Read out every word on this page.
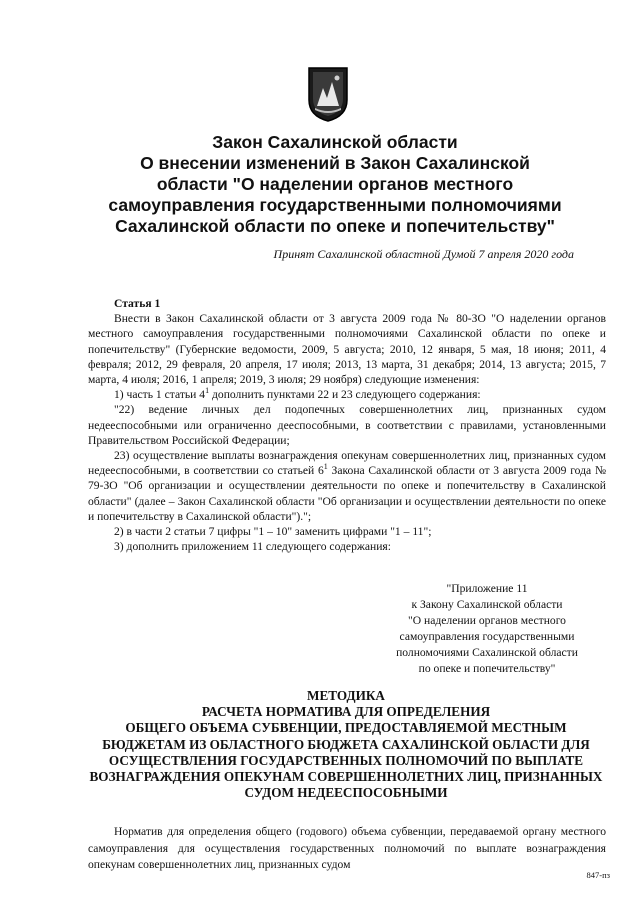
Закон Сахалинской области
О внесении изменений в Закон Сахалинской
области "О наделении органов местного
самоуправления государственными полномочиями
Сахалинской области по опеке и попечительству"
Принят Сахалинской областной Думой 7 апреля 2020 года
Статья 1
Внести в Закон Сахалинской области от 3 августа 2009 года № 80-ЗО "О наделении органов местного самоуправления государственными полномочиями Сахалинской области по опеке и попечительству" (Губернские ведомости, 2009, 5 августа; 2010, 12 января, 5 мая, 18 июня; 2011, 4 февраля; 2012, 29 февраля, 20 апреля, 17 июля; 2013, 13 марта, 31 декабря; 2014, 13 августа; 2015, 7 марта, 4 июля; 2016, 1 апреля; 2019, 3 июля; 29 ноября) следующие изменения:
1) часть 1 статьи $4^1$ дополнить пунктами 22 и 23 следующего содержания:
"22) ведение личных дел подопечных совершеннолетних лиц, признанных судом недееспособными или ограниченно дееспособными, в соответствии с правилами, установленными Правительством Российской Федерации;
23) осуществление выплаты вознаграждения опекунам совершеннолетних лиц, признанных судом недееспособными, в соответствии со статьей $6^1$ Закона Сахалинской области от 3 августа 2009 года № 79-ЗО "Об организации и осуществлении деятельности по опеке и попечительству в Сахалинской области" (далее – Закон Сахалинской области "Об организации и осуществлении деятельности по опеке и попечительству в Сахалинской области").";
2) в части 2 статьи 7 цифры "1 – 10" заменить цифрами "1 – 11";
3) дополнить приложением 11 следующего содержания:
"Приложение 11
к Закону Сахалинской области
"О наделении органов местного
самоуправления государственными
полномочиями Сахалинской области
по опеке и попечительству"
МЕТОДИКА
РАСЧЕТА НОРМАТИВА ДЛЯ ОПРЕДЕЛЕНИЯ
ОБЩЕГО ОБЪЕМА СУБВЕНЦИИ, ПРЕДОСТАВЛЯЕМОЙ МЕСТНЫМ
БЮДЖЕТАМ ИЗ ОБЛАСТНОГО БЮДЖЕТА САХАЛИНСКОЙ ОБЛАСТИ ДЛЯ
ОСУЩЕСТВЛЕНИЯ ГОСУДАРСТВЕННЫХ ПОЛНОМОЧИЙ ПО ВЫПЛАТЕ
ВОЗНАГРАЖДЕНИЯ ОПЕКУНАМ СОВЕРШЕННОЛЕТНИХ ЛИЦ, ПРИЗНАННЫХ
СУДОМ НЕДЕЕСПОСОБНЫМИ
Норматив для определения общего (годового) объема субвенции, передаваемой органу местного самоуправления для осуществления государственных полномочий по выплате вознаграждения опекунам совершеннолетних лиц, признанных судом
847-пз
